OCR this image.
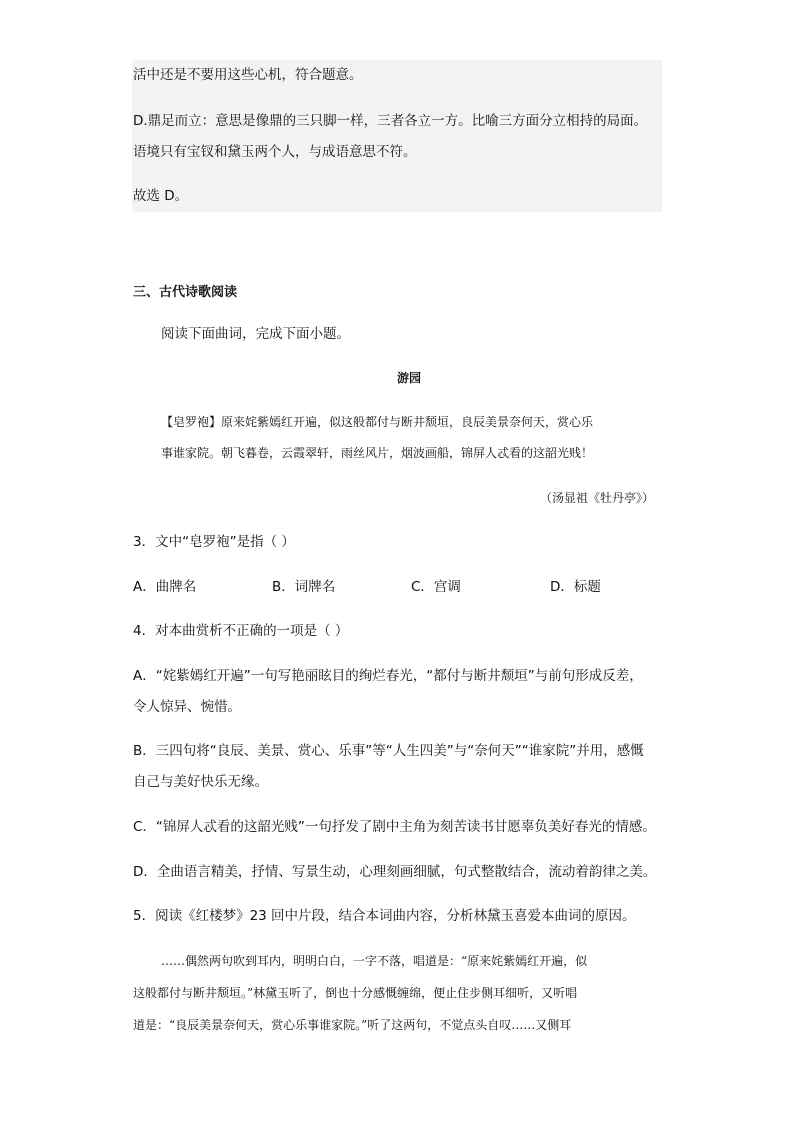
活中还是不要用这些心机，符合题意。
D.鼎足而立：意思是像鼎的三只脚一样，三者各立一方。比喻三方面分立相持的局面。
语境只有宝钗和黛玉两个人，与成语意思不符。
故选 D。
三、古代诗歌阅读
阅读下面曲词，完成下面小题。
游园
【皂罗袍】原来姹紫嫣红开遍，似这般都付与断井颓垣，良辰美景奈何天，赏心乐
事谁家院。朝飞暮卷，云霞翠轩，雨丝风片，烟波画船，锦屏人忒看的这韶光贱！
（汤显祖《牡丹亭》）
3．文中“皂罗袍”是指（ ）
A．曲牌名	B．词牌名	C．宫调	D．标题
4．对本曲赏析不正确的一项是（ ）
A．“姹紫嫣红开遍”一句写艳丽眩目的绚烂春光，“都付与断井颓垣”与前句形成反差，
令人惊异、惋惜。
B．三四句将“良辰、美景、赏心、乐事”等“人生四美”与“奈何天”“谁家院”并用，感慨
自己与美好快乐无缘。
C．“锦屏人忒看的这韶光贱”一句抒发了剧中主角为刻苦读书甘愿辜负美好春光的情感。
D．全曲语言精美，抒情、写景生动，心理刻画细腻，句式整散结合，流动着韵律之美。
5．阅读《红楼梦》23 回中片段，结合本词曲内容，分析林黛玉喜爱本曲词的原因。
……偶然两句吹到耳内，明明白白，一字不落，唱道是：“原来姹紫嫣红开遍，似
这般都付与断井颓垣。”林黛玉听了，倒也十分感慨缠绵，便止住步侧耳细听，又听唱
道是：“良辰美景奈何天，赏心乐事谁家院。”听了这两句，不觉点头自叹……又侧耳
